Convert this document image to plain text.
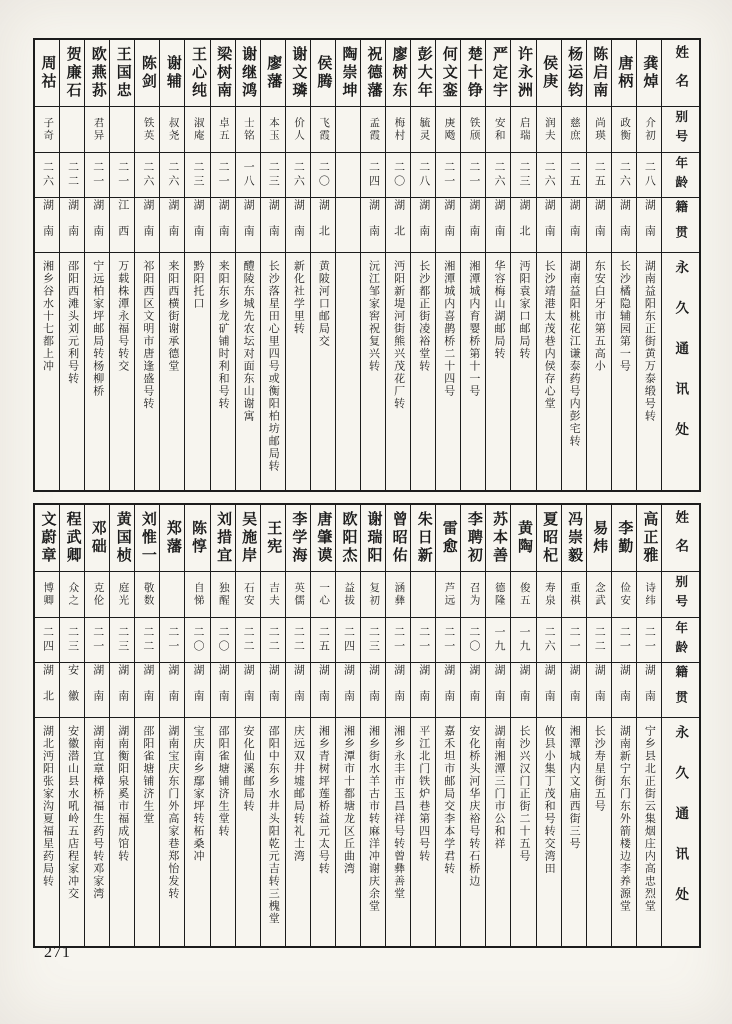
周祜
子奇
二六
湖南
湘乡谷水十七都上冲
贺廉石
二二
湖南
邵阳西滩头刘元利号转
欧燕荪
君异
二一
湖南
宁远柏家坪邮局转杨柳桥
王国忠
二一
江西
万载株潭永福号转交
陈剑
铁英
二六
湖南
祁阳西区文明市唐逢盛号转
谢辅
叔尧
二六
湖南
来阳西横街谢承德堂
王心纯
淑庵
二三
湖南
黔阳托口
梁树南
卓五
二一
湖南
来阳东乡龙矿铺时利和号转
谢继鸿
士铭
一八
湖南
醴陵东城先农坛对面东山谢寓
廖藩
本玉
二三
湖南
长沙落星田心里四号或衡阳柏坊邮局转
谢文璘
价人
二六
湖南
新化社学里转
侯腾
飞霞
二〇
湖北
黄陂河口邮局交
陶崇坤 祝德藩
孟霞
二四
湖南
沅江邹家窖祝复兴转
廖树东
梅村
二〇
湖北
沔阳新堤河街熊兴茂花厂转
彭大年
毓灵
二八
湖南
长沙都正街凌裕堂转
何文銮
庚飏
二一
湖南
湘潭城内喜鹊桥二十四号
楚十铮
铁颀
二一
湖南
湘潭城内育婴桥第十一号
严定宇
安和
二六
湖南
华容梅山湖邮局转
许永洲
启瑞
二三
湖北
沔阳袁家口邮局转
侯庚
润夫
二六
湖南
长沙靖港太茂巷内侯存心堂
杨运钧
慈庶
二五
湖南
湖南益阳桃花江谦泰药号内彭宅转
陈启南
尚瑛
二五
湖南
东安白牙市第五高小
唐柄
政衡
二六
湖南
长沙橘隐辅园第一号
龚焯
介初
二八
湖南
湖南益阳东正街黄万泰缎号转
姓名
别号
年龄
籍贯
永久通讯处
文蔚章
博卿
二四
湖北
湖北沔阳张家沟夏福星药局转
程武卿
众之
二三
安徽
安徽潜山县水吼岭五店程家冲交
邓础
克伦
二一
湖南
湖南宜章樟桥福生药号转邓家湾
黄国桢
庭光
二三
湖南
湖南衡阳泉奚市福成馆转
刘惟一
敬数
二二
湖南
邵阳雀塘铺济生堂
郑藩
二一
湖南
湖南宝庆东门外高家巷郑怡发转
陈惇
自悌
二〇
湖南
宝庆南乡鄢家坪转柘桑冲
刘措宜
独醒
二〇
湖南
邵阳雀塘铺济生堂转
吴施岸
石安
二二
湖南
安化仙溪邮局转
王宪
吉夫
二二
湖南
邵阳中东乡水井头阳乾元吉转三槐堂
李学海
英儒
二二
湖南
庆远双井墟邮局转礼士湾
唐肇谟
一心
二五
湖南
湘乡青树坪莲桥益元太号转
欧阳杰
益拔
二四
湖南
湘乡潭市十都塘龙区丘曲湾
谢瑞阳
复初
二三
湖南
湘乡街水羊古市转麻洋冲谢庆余堂
曾昭佑
涵彝
二一
湖南
湘乡永丰市玉昌祥号转曾彝善堂
朱日新
二一
湖南
平江北门铁炉巷第四号转
雷愈
芦远
二一
湖南
嘉禾坦市邮局交李本学君转
李聘初
召为
二〇
湖南
安化桥头河华庆裕号转石桥边
苏本善
德隆
一九
湖南
湖南湘潭三门市公和祥
黄陶
俊五
一九
湖南
长沙兴汉门正街二十五号
夏昭杞
寿泉
二六
湖南
攸县小集丁茂和号转交湾田
冯崇毅
重祺
二一
湖南
湘潭城内文庙西街三号
易炜
念武
二二
湖南
长沙寿星街五号
李勤
俭安
二一
湖南
湖南新宁东门东外箭楼边李养源堂
高正雅
诗纬
二一
湖南
宁乡县北正街云集烟庄内高忠烈堂
姓名
别号
年龄
籍贯
永久通讯处
271
